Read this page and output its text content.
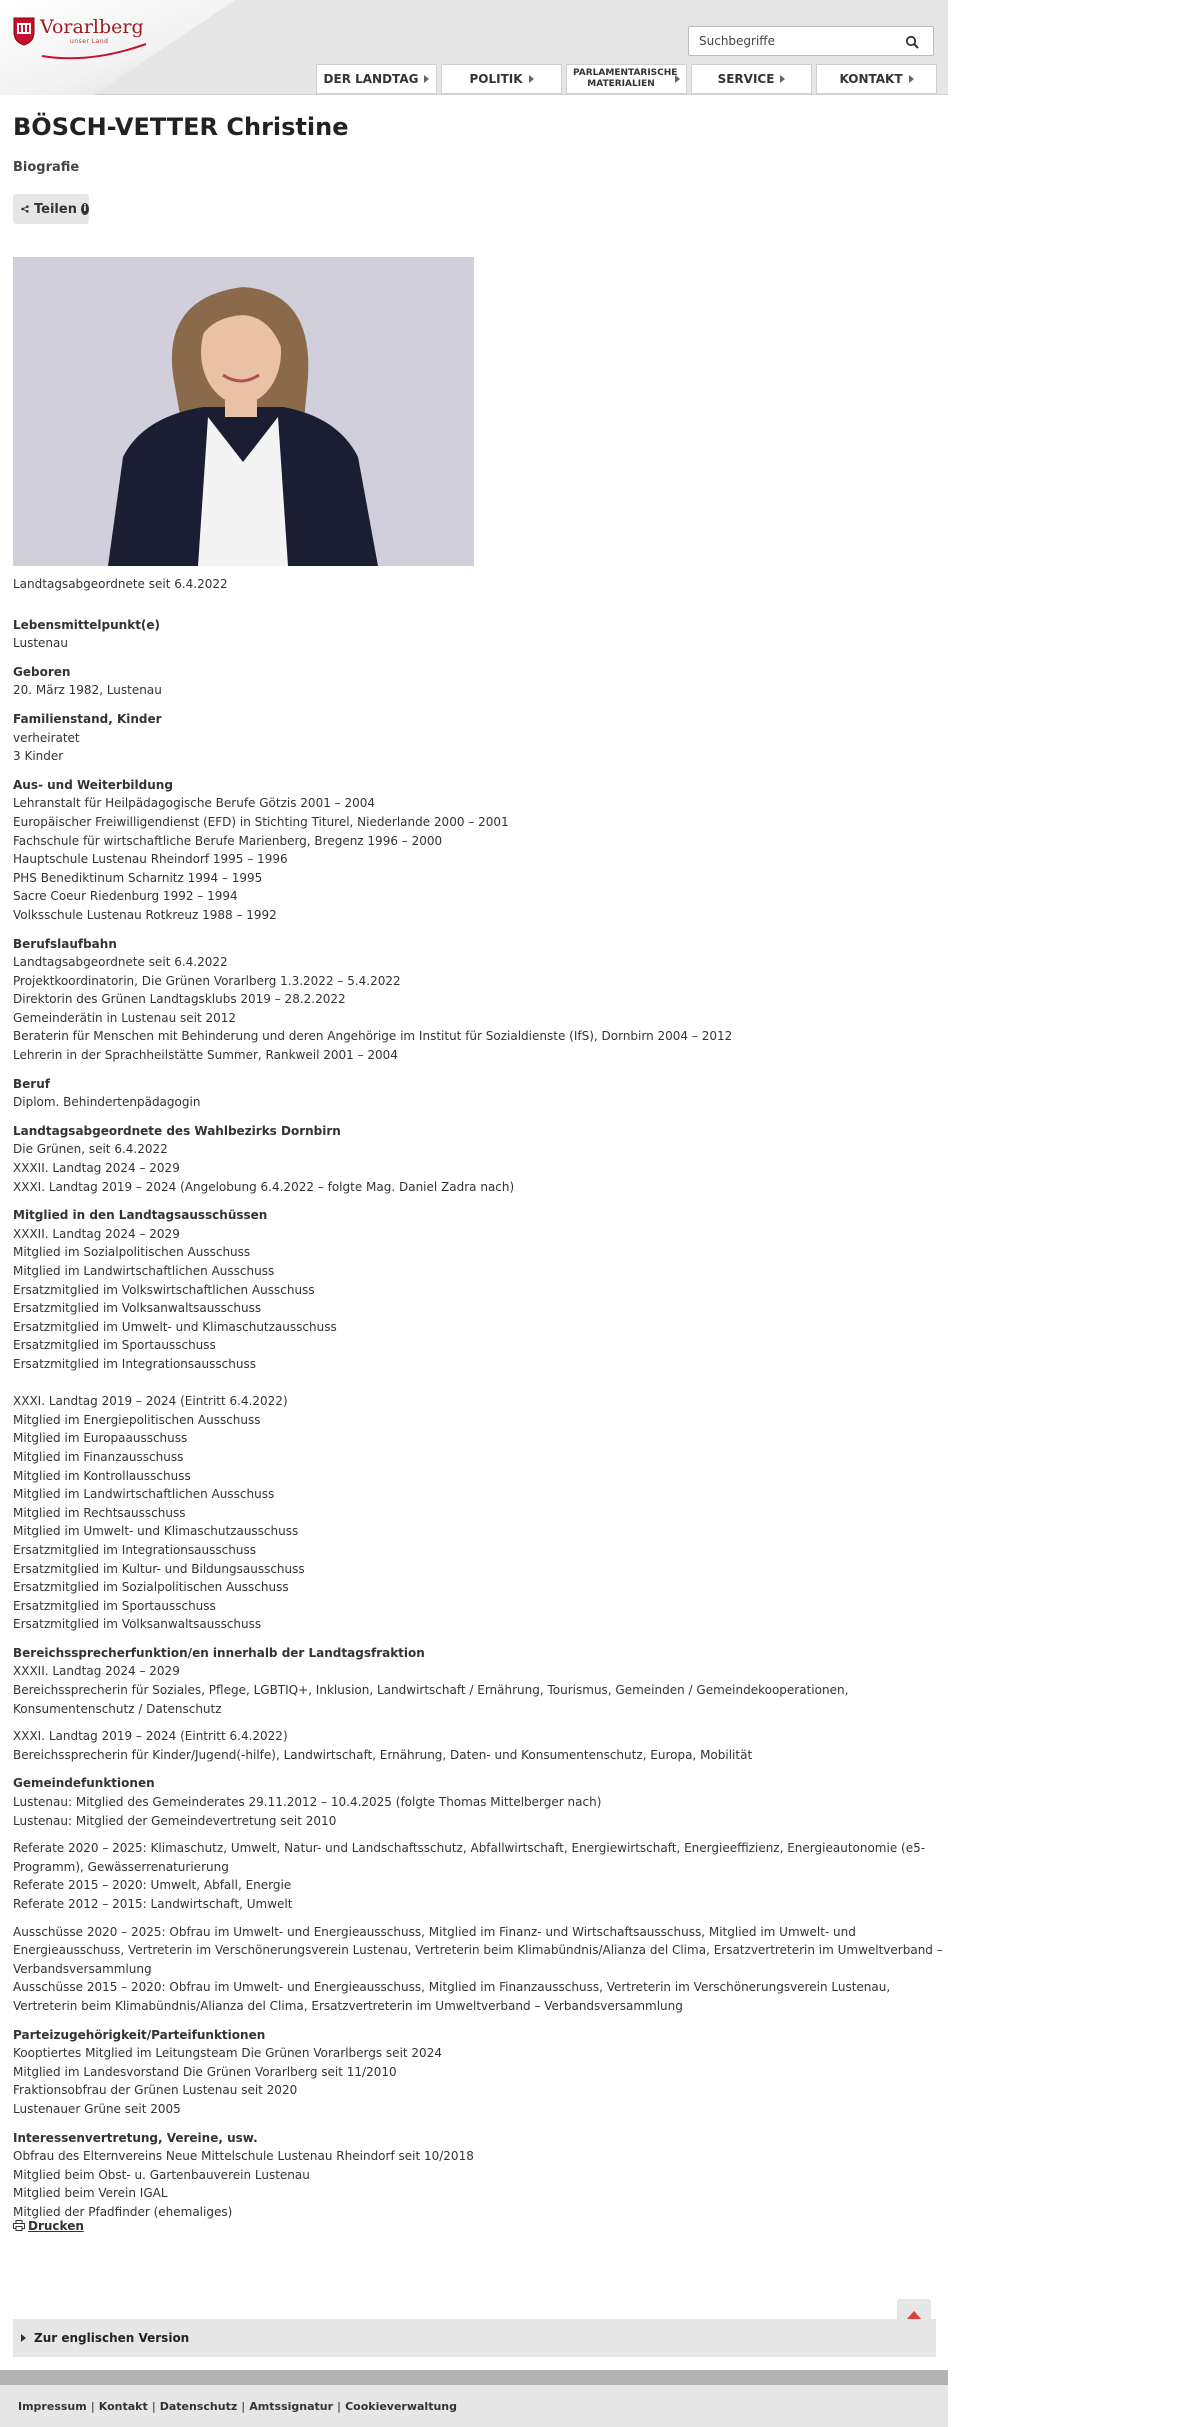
Vorarlberg
unser Land	Suchbegriffe
DER LANDTAG	POLITIK	PARLAMENTARISCHE MATERIALIEN	SERVICE	KONTAKT
BÖSCH-VETTER Christine
Biografie
Teilen i
Landtagsabgeordnete seit 6.4.2022
Lebensmittelpunkt(e)
Lustenau
Geboren
20. März 1982, Lustenau
Familienstand, Kinder
verheiratet
3 Kinder
Aus- und Weiterbildung
Lehranstalt für Heilpädagogische Berufe Götzis 2001 – 2004
Europäischer Freiwilligendienst (EFD) in Stichting Titurel, Niederlande 2000 – 2001
Fachschule für wirtschaftliche Berufe Marienberg, Bregenz 1996 – 2000
Hauptschule Lustenau Rheindorf 1995 – 1996
PHS Benediktinum Scharnitz 1994 – 1995
Sacre Coeur Riedenburg 1992 – 1994
Volksschule Lustenau Rotkreuz 1988 – 1992
Berufslaufbahn
Landtagsabgeordnete seit 6.4.2022
Projektkoordinatorin, Die Grünen Vorarlberg 1.3.2022 – 5.4.2022
Direktorin des Grünen Landtagsklubs 2019 – 28.2.2022
Gemeinderätin in Lustenau seit 2012
Beraterin für Menschen mit Behinderung und deren Angehörige im Institut für Sozialdienste (IfS), Dornbirn 2004 – 2012
Lehrerin in der Sprachheilstätte Summer, Rankweil 2001 – 2004
Beruf
Diplom. Behindertenpädagogin
Landtagsabgeordnete des Wahlbezirks Dornbirn
Die Grünen, seit 6.4.2022
XXXII. Landtag 2024 – 2029
XXXI. Landtag 2019 – 2024 (Angelobung 6.4.2022 – folgte Mag. Daniel Zadra nach)
Mitglied in den Landtagsausschüssen
XXXII. Landtag 2024 – 2029
Mitglied im Sozialpolitischen Ausschuss
Mitglied im Landwirtschaftlichen Ausschuss
Ersatzmitglied im Volkswirtschaftlichen Ausschuss
Ersatzmitglied im Volksanwaltsausschuss
Ersatzmitglied im Umwelt- und Klimaschutzausschuss
Ersatzmitglied im Sportausschuss
Ersatzmitglied im Integrationsausschuss
XXXI. Landtag 2019 – 2024 (Eintritt 6.4.2022)
Mitglied im Energiepolitischen Ausschuss
Mitglied im Europaausschuss
Mitglied im Finanzausschuss
Mitglied im Kontrollausschuss
Mitglied im Landwirtschaftlichen Ausschuss
Mitglied im Rechtsausschuss
Mitglied im Umwelt- und Klimaschutzausschuss
Ersatzmitglied im Integrationsausschuss
Ersatzmitglied im Kultur- und Bildungsausschuss
Ersatzmitglied im Sozialpolitischen Ausschuss
Ersatzmitglied im Sportausschuss
Ersatzmitglied im Volksanwaltsausschuss
Bereichssprecherfunktion/en innerhalb der Landtagsfraktion
XXXII. Landtag 2024 – 2029
Bereichssprecherin für Soziales, Pflege, LGBTIQ+, Inklusion, Landwirtschaft / Ernährung, Tourismus, Gemeinden / Gemeindekooperationen, Konsumentenschutz / Datenschutz
XXXI. Landtag 2019 – 2024 (Eintritt 6.4.2022)
Bereichssprecherin für Kinder/Jugend(-hilfe), Landwirtschaft, Ernährung, Daten- und Konsumentenschutz, Europa, Mobilität
Gemeindefunktionen
Lustenau: Mitglied des Gemeinderates 29.11.2012 – 10.4.2025 (folgte Thomas Mittelberger nach)
Lustenau: Mitglied der Gemeindevertretung seit 2010
Referate 2020 – 2025: Klimaschutz, Umwelt, Natur- und Landschaftsschutz, Abfallwirtschaft, Energiewirtschaft, Energieeffizienz, Energieautonomie (e5-Programm), Gewässerrenaturierung
Referate 2015 – 2020: Umwelt, Abfall, Energie
Referate 2012 – 2015: Landwirtschaft, Umwelt
Ausschüsse 2020 – 2025: Obfrau im Umwelt- und Energieausschuss, Mitglied im Finanz- und Wirtschaftsausschuss, Mitglied im Umwelt- und Energieausschuss, Vertreterin im Verschönerungsverein Lustenau, Vertreterin beim Klimabündnis/Alianza del Clima, Ersatzvertreterin im Umweltverband – Verbandsversammlung
Ausschüsse 2015 – 2020: Obfrau im Umwelt- und Energieausschuss, Mitglied im Finanzausschuss, Vertreterin im Verschönerungsverein Lustenau, Vertreterin beim Klimabündnis/Alianza del Clima, Ersatzvertreterin im Umweltverband – Verbandsversammlung
Parteizugehörigkeit/Parteifunktionen
Kooptiertes Mitglied im Leitungsteam Die Grünen Vorarlbergs seit 2024
Mitglied im Landesvorstand Die Grünen Vorarlberg seit 11/2010
Fraktionsobfrau der Grünen Lustenau seit 2020
Lustenauer Grüne seit 2005
Interessenvertretung, Vereine, usw.
Obfrau des Elternvereins Neue Mittelschule Lustenau Rheindorf seit 10/2018
Mitglied beim Obst- u. Gartenbauverein Lustenau
Mitglied beim Verein IGAL
Mitglied der Pfadfinder (ehemaliges)
Drucken
Zur englischen Version
Impressum | Kontakt | Datenschutz | Amtssignatur | Cookieverwaltung
